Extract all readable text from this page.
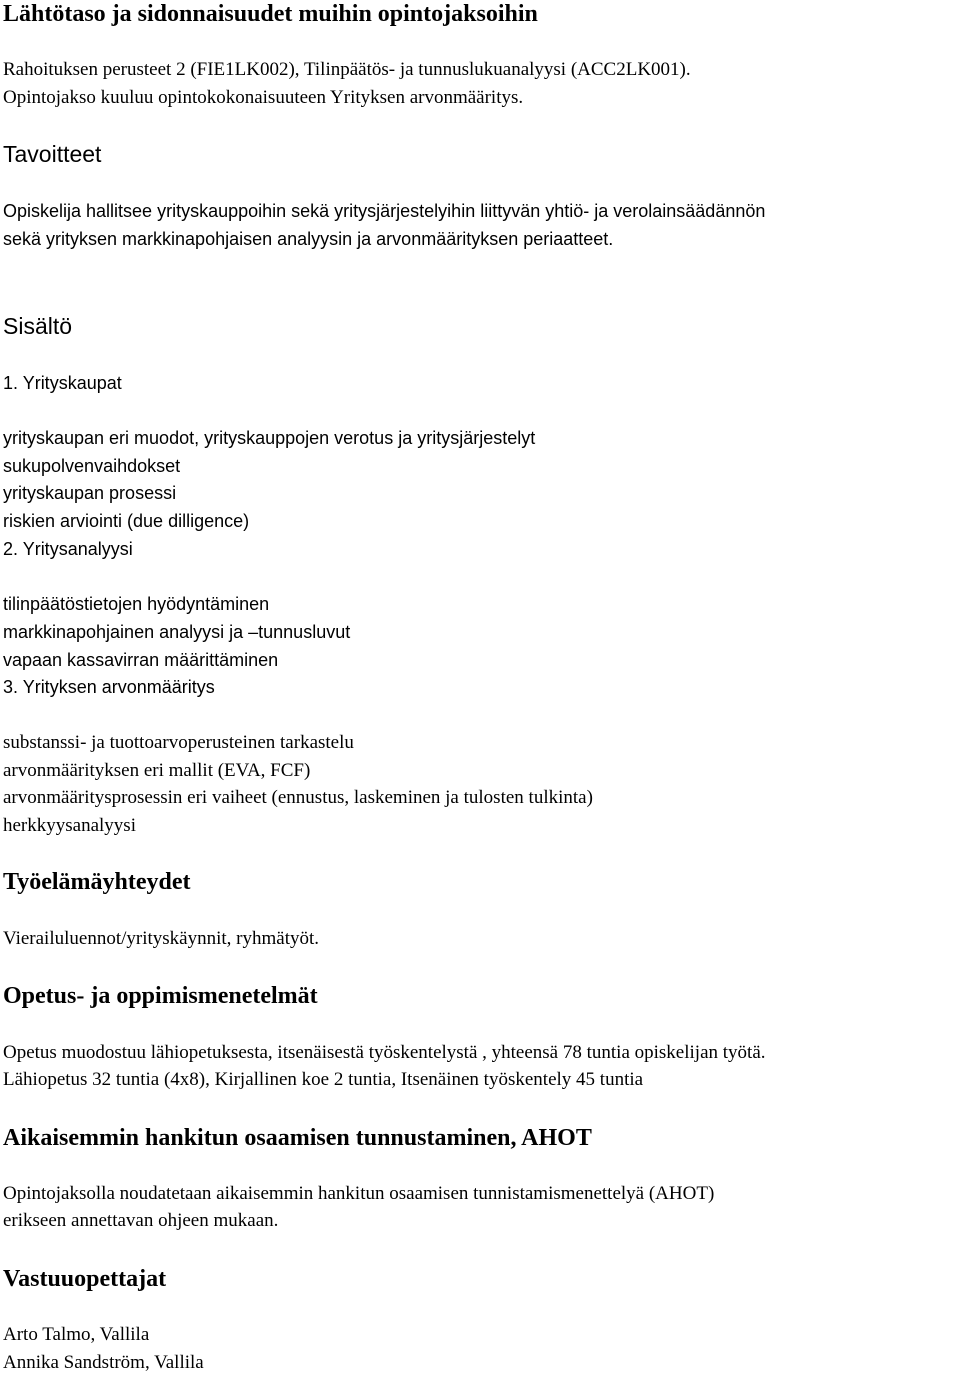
Lähtötaso ja sidonnaisuudet muihin opintojaksoihin
Rahoituksen perusteet 2 (FIE1LK002), Tilinpäätös- ja tunnuslukuanalyysi (ACC2LK001).
Opintojakso kuuluu opintokokonaisuuteen Yrityksen arvonmääritys.
Tavoitteet
Opiskelija hallitsee yrityskauppoihin sekä yritysjärjestelyihin liittyvän yhtiö- ja verolainsäädännön
sekä yrityksen markkinapohjaisen analyysin ja arvonmäärityksen periaatteet.
Sisältö
1. Yrityskaupat
yrityskaupan eri muodot, yrityskauppojen verotus ja yritysjärjestelyt
sukupolvenvaihdokset
yrityskaupan prosessi
riskien arviointi (due dilligence)
2. Yritysanalyysi
tilinpäätöstietojen hyödyntäminen
markkinapohjainen analyysi ja –tunnusluvut
vapaan kassavirran määrittäminen
3. Yrityksen arvonmääritys
substanssi- ja tuottoarvoperusteinen tarkastelu
arvonmäärityksen eri mallit (EVA, FCF)
arvonmääritysprosessin eri vaiheet (ennustus, laskeminen ja tulosten tulkinta)
herkkyysanalyysi
Työelämäyhteydet
Vierailuluennot/yrityskäynnit, ryhmätyöt.
Opetus- ja oppimismenetelmät
Opetus muodostuu lähiopetuksesta, itsenäisestä työskentelystä , yhteensä 78 tuntia opiskelijan työtä.
Lähiopetus 32 tuntia (4x8), Kirjallinen koe 2 tuntia, Itsenäinen työskentely 45 tuntia
Aikaisemmin hankitun osaamisen tunnustaminen, AHOT
Opintojaksolla noudatetaan aikaisemmin hankitun osaamisen tunnistamismenettelyä (AHOT)
erikseen annettavan ohjeen mukaan.
Vastuuopettajat
Arto Talmo, Vallila
Annika Sandström, Vallila
